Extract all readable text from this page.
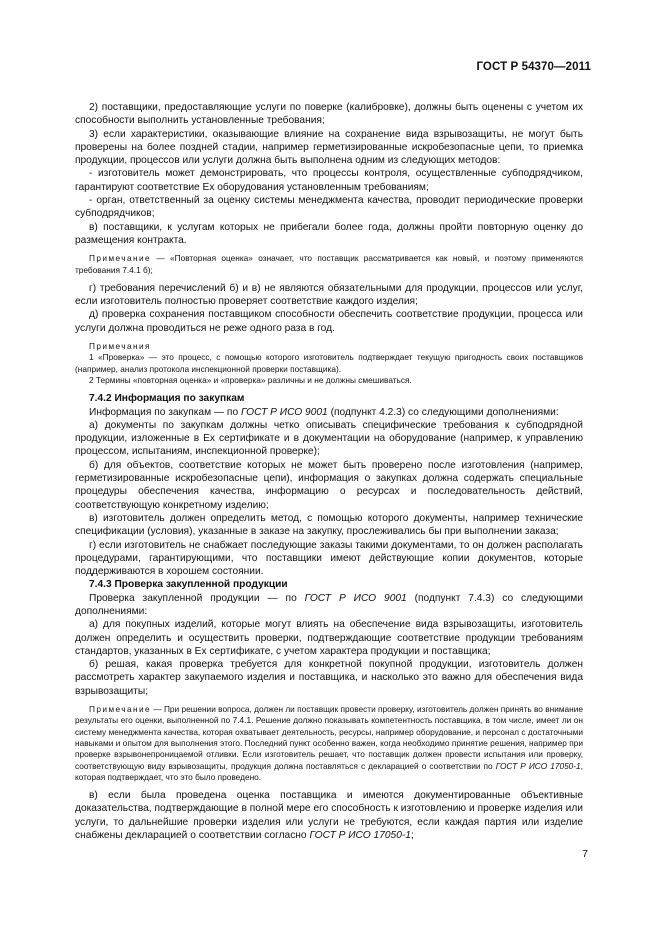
ГОСТ Р 54370—2011

2) поставщики, предоставляющие услуги по поверке (калибровке), должны быть оценены с учетом их способности выполнить установленные требования;

3) если характеристики, оказывающие влияние на сохранение вида взрывозащиты, не могут быть проверены на более поздней стадии, например герметизированные искробезопасные цепи, то приемка продукции, процессов или услуги должна быть выполнена одним из следующих методов:

- изготовитель может демонстрировать, что процессы контроля, осуществленные субподрядчиком, гарантируют соответствие Ex оборудования установленным требованиям;

- орган, ответственный за оценку системы менеджмента качества, проводит периодические проверки субподрядчиков;

в) поставщики, к услугам которых не прибегали более года, должны пройти повторную оценку до размещения контракта.

Примечание — «Повторная оценка» означает, что поставщик рассматривается как новый, и поэтому применяются требования 7.4.1 б);

г) требования перечислений б) и в) не являются обязательными для продукции, процессов или услуг, если изготовитель полностью проверяет соответствие каждого изделия;

д) проверка сохранения поставщиком способности обеспечить соответствие продукции, процесса или услуги должна проводиться не реже одного раза в год.

Примечания
1 «Проверка» — это процесс, с помощью которого изготовитель подтверждает текущую пригодность своих поставщиков (например, анализ протокола инспекционной проверки поставщика).
2 Термины «повторная оценка» и «проверка» различны и не должны смешиваться.
7.4.2 Информация по закупкам

Информация по закупкам — по ГОСТ Р ИСО 9001 (подпункт 4.2.3) со следующими дополнениями:

а) документы по закупкам должны четко описывать специфические требования к субподрядной продукции, изложенные в Ex сертификате и в документации на оборудование (например, к управлению процессом, испытаниям, инспекционной проверке);

б) для объектов, соответствие которых не может быть проверено после изготовления (например, герметизированные искробезопасные цепи), информация о закупках должна содержать специальные процедуры обеспечения качества, информацию о ресурсах и последовательность действий, соответствующую конкретному изделию;

в) изготовитель должен определить метод, с помощью которого документы, например технические спецификации (условия), указанные в заказе на закупку, прослеживались бы при выполнении заказа;

г) если изготовитель не снабжает последующие заказы такими документами, то он должен располагать процедурами, гарантирующими, что поставщики имеют действующие копии документов, которые поддерживаются в хорошем состоянии.

7.4.3 Проверка закупленной продукции

Проверка закупленной продукции — по ГОСТ Р ИСО 9001 (подпункт 7.4.3) со следующими дополнениями:

а) для покупных изделий, которые могут влиять на обеспечение вида взрывозащиты, изготовитель должен определить и осуществить проверки, подтверждающие соответствие продукции требованиям стандартов, указанных в Ex сертификате, с учетом характера продукции и поставщика;

б) решая, какая проверка требуется для конкретной покупной продукции, изготовитель должен рассмотреть характер закупаемого изделия и поставщика, и насколько это важно для обеспечения вида взрывозащиты;

Примечание — При решении вопроса, должен ли поставщик провести проверку, изготовитель должен принять во внимание результаты его оценки, выполненной по 7.4.1. Решение должно показывать компетентность поставщика, в том числе, имеет ли он систему менеджмента качества, которая охватывает деятельность, ресурсы, например оборудование, и персонал с достаточными навыками и опытом для выполнения этого. Последний пункт особенно важен, когда необходимо принятие решения, например при проверке взрывонепроницаемой отливки. Если изготовитель решает, что поставщик должен провести испытания или проверку, соответствующую виду взрывозащиты, продукция должна поставляться с декларацией о соответствии по ГОСТ Р ИСО 17050-1, которая подтверждает, что это было проведено.

в) если была проведена оценка поставщика и имеются документированные объективные доказательства, подтверждающие в полной мере его способность к изготовлению и проверке изделия или услуги, то дальнейшие проверки изделия или услуги не требуются, если каждая партия или изделие снабжены декларацией о соответствии согласно ГОСТ Р ИСО 17050-1;

7
